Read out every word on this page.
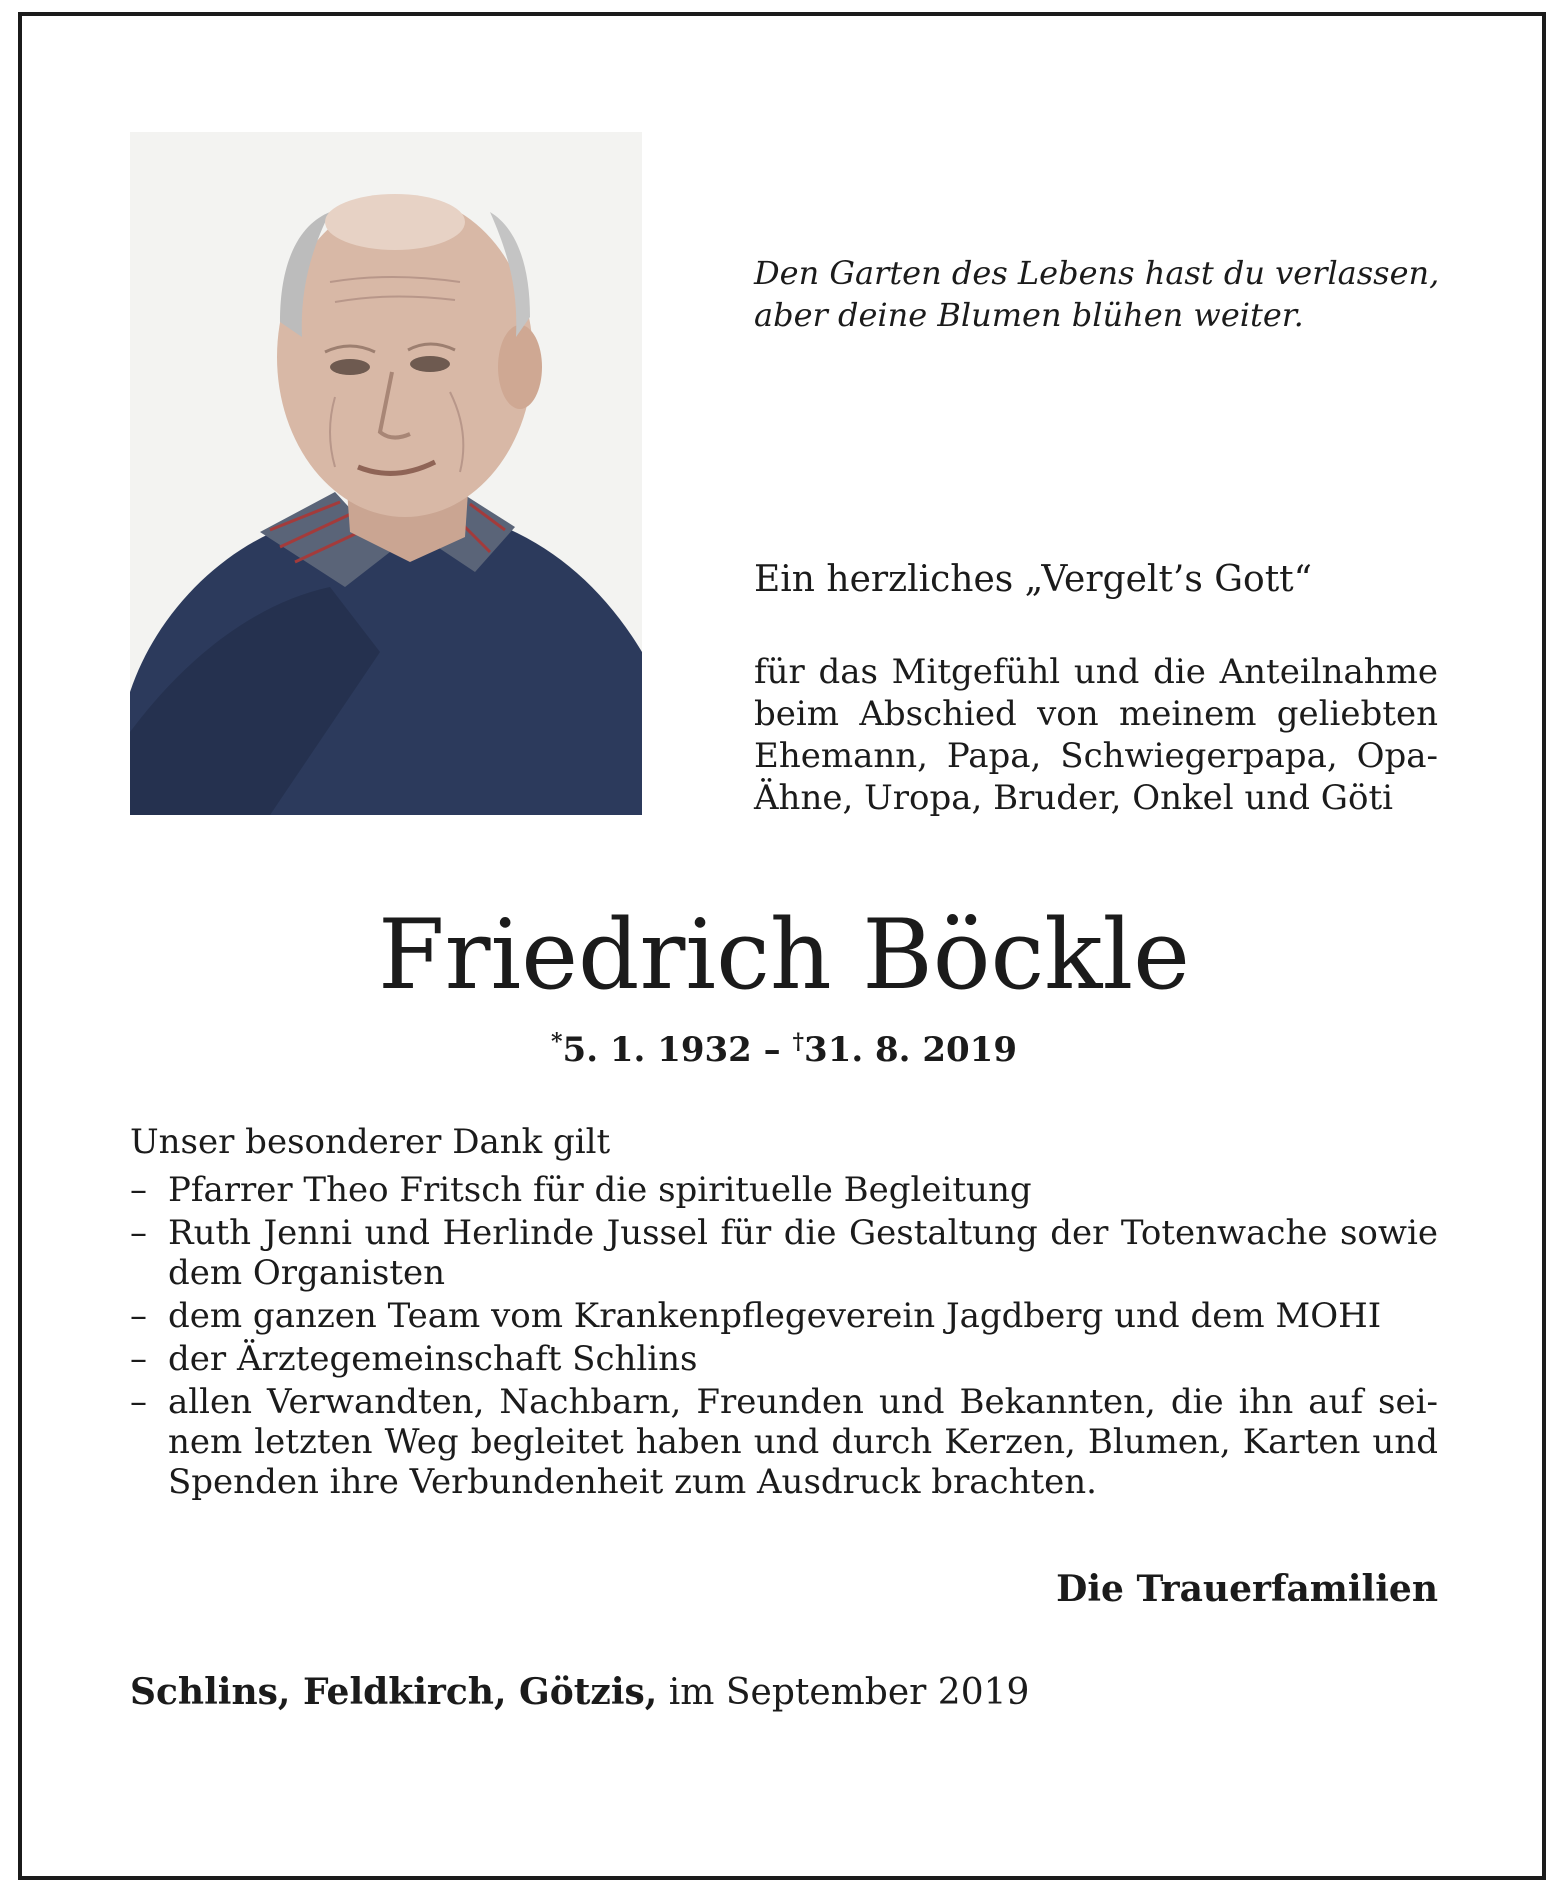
Den Garten des Lebens hast du verlassen,
aber deine Blumen blühen weiter.
Ein herzliches „Vergelt’s Gott“
für das Mitgefühl und die Anteilnahme
beim Abschied von meinem geliebten
Ehemann, Papa, Schwiegerpapa, Opa-
Ähne, Uropa, Bruder, Onkel und Göti
Friedrich Böckle
*5. 1. 1932 – †31. 8. 2019
Unser besonderer Dank gilt
– Pfarrer Theo Fritsch für die spirituelle Begleitung
– Ruth Jenni und Herlinde Jussel für die Gestaltung der Totenwache sowie
dem Organisten
– dem ganzen Team vom Krankenpflegeverein Jagdberg und dem MOHI
– der Ärztegemeinschaft Schlins
– allen Verwandten, Nachbarn, Freunden und Bekannten, die ihn auf sei-
nem letzten Weg begleitet haben und durch Kerzen, Blumen, Karten und
Spenden ihre Verbundenheit zum Ausdruck brachten.
Die Trauerfamilien
Schlins, Feldkirch, Götzis, im September 2019
